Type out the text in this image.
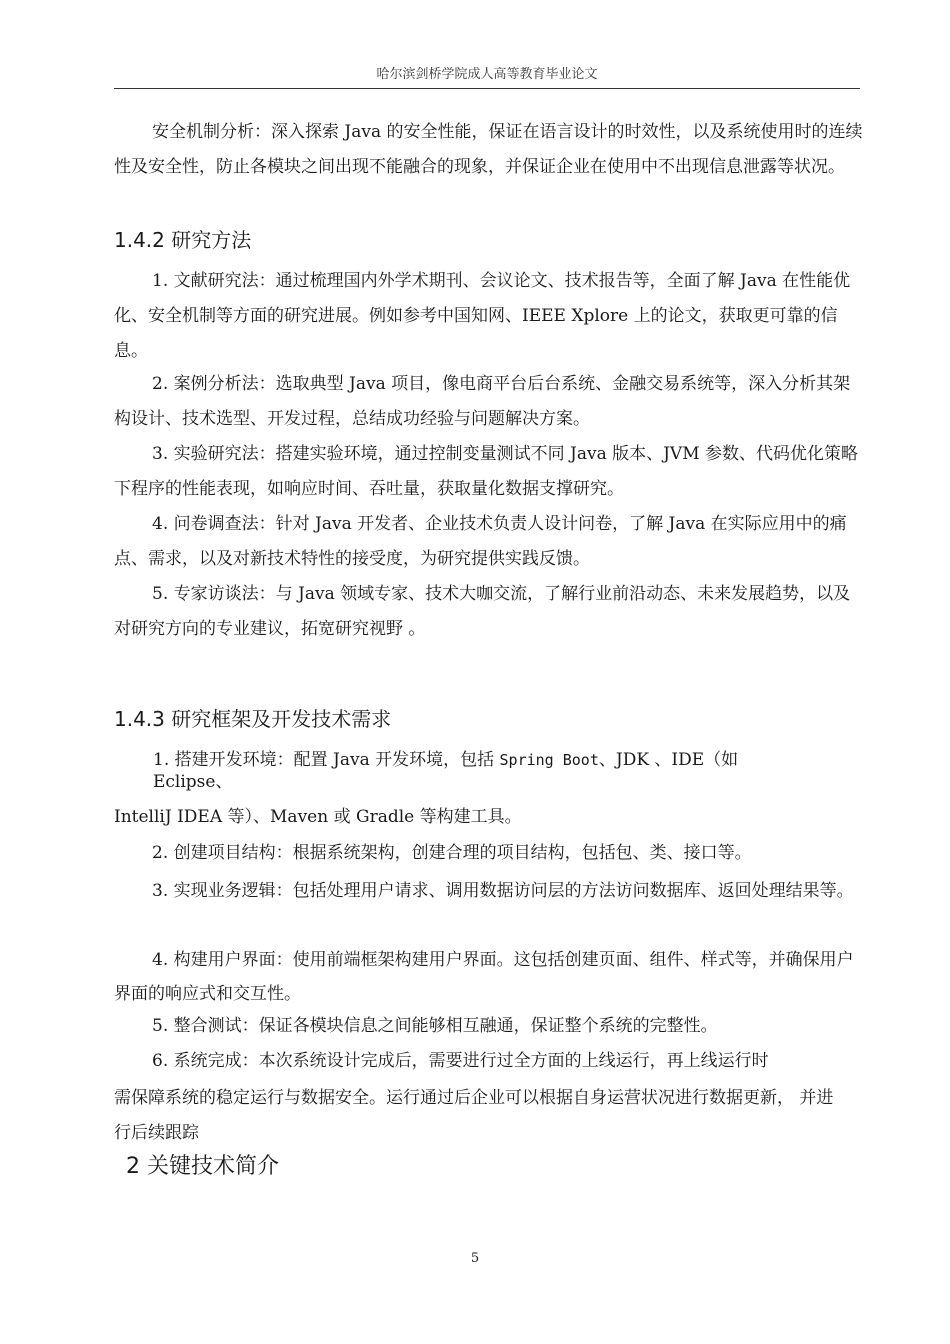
哈尔滨剑桥学院成人高等教育毕业论文

安全机制分析：深入探索 Java 的安全性能，保证在语言设计的时效性，以及系统使用时的连续性及安全性，防止各模块之间出现不能融合的现象，并保证企业在使用中不出现信息泄露等状况。

1.4.2 研究方法

1. 文献研究法：通过梳理国内外学术期刊、会议论文、技术报告等，全面了解 Java 在性能优化、安全机制等方面的研究进展。例如参考中国知网、IEEE Xplore 上的论文，获取更可靠的信息。

2. 案例分析法：选取典型 Java 项目，像电商平台后台系统、金融交易系统等，深入分析其架构设计、技术选型、开发过程，总结成功经验与问题解决方案。

3. 实验研究法：搭建实验环境，通过控制变量测试不同 Java 版本、JVM 参数、代码优化策略下程序的性能表现，如响应时间、吞吐量，获取量化数据支撑研究。

4. 问卷调查法：针对 Java 开发者、企业技术负责人设计问卷，了解 Java 在实际应用中的痛点、需求，以及对新技术特性的接受度，为研究提供实践反馈。

5. 专家访谈法：与 Java 领域专家、技术大咖交流，了解行业前沿动态、未来发展趋势，以及对研究方向的专业建议，拓宽研究视野 。

1.4.3 研究框架及开发技术需求
1. 搭建开发环境：配置 Java 开发环境，包括 Spring Boot、JDK 、IDE（如
Eclipse、

IntelliJ IDEA 等）、Maven 或 Gradle 等构建工具。

2. 创建项目结构：根据系统架构，创建合理的项目结构，包括包、类、接口等。

3. 实现业务逻辑：包括处理用户请求、调用数据访问层的方法访问数据库、返回处理结果等。

4. 构建用户界面：使用前端框架构建用户界面。这包括创建页面、组件、样式等，并确保用户界面的响应式和交互性。

5. 整合测试：保证各模块信息之间能够相互融通，保证整个系统的完整性。

6. 系统完成：本次系统设计完成后，需要进行过全方面的上线运行，再上线运行时

需保障系统的稳定运行与数据安全。运行通过后企业可以根据自身运营状况进行数据更新， 并进行后续跟踪

2 关键技术简介
5
